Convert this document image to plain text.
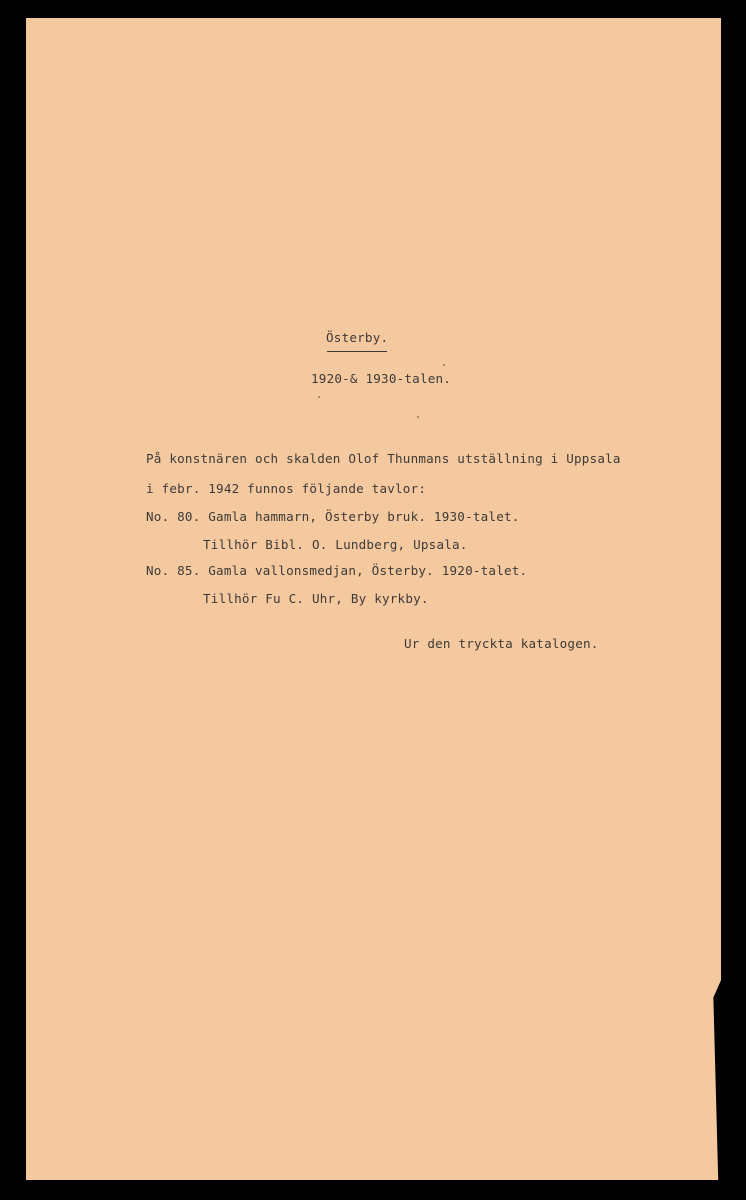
Österby.
1920-& 1930-talen.
På konstnären och skalden Olof Thunmans utställning i Uppsala
i febr. 1942 funnos följande tavlor:
No. 80. Gamla hammarn, Österby bruk. 1930-talet.
Tillhör Bibl. O. Lundberg, Upsala.
No. 85. Gamla vallonsmedjan, Österby. 1920-talet.
Tillhör Fu C. Uhr, By kyrkby.
Ur den tryckta katalogen.
